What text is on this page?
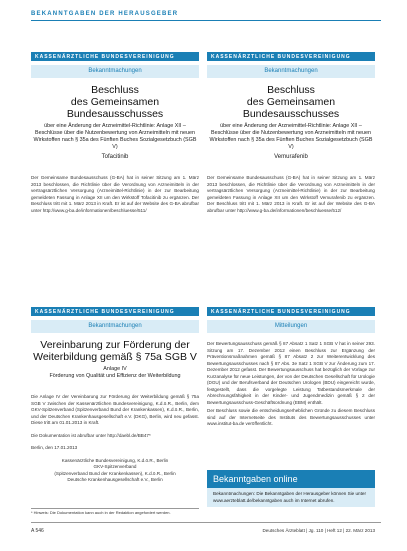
BEKANNTGABEN DER HERAUSGEBER
KASSENÄRZTLICHE BUNDESVEREINIGUNG
Bekanntmachungen
Beschluss
des Gemeinsamen Bundesausschusses
über eine Änderung der Arzneimittel-Richtlinie: Anlage XII – Beschlüsse über die Nutzenbewertung von Arzneimitteln mit neuen Wirkstoffen nach § 35a des Fünften Buches Sozialgesetzbuch (SGB V)
Tofacitinib
Der Gemeinsame Bundesausschuss (G-BA) hat in seiner Sitzung am 1. März 2013 beschlossen, die Richtlinie über die Verordnung von Arzneimitteln in der vertragsärztlichen Versorgung (Arzneimittel-Richtlinie) in der zur Bearbeitung gemeldeten Fassung in Anlage XII um den Wirkstoff Tofacitinib zu ergänzen. Der Beschluss tritt mit 1. März 2013 in Kraft. Er ist auf der Website des G-BA abrufbar unter http://www.g-ba.de/informationen/beschluesse/511/
KASSENÄRZTLICHE BUNDESVEREINIGUNG
Bekanntmachungen
Beschluss
des Gemeinsamen Bundesausschusses
über eine Änderung der Arzneimittel-Richtlinie: Anlage XII – Beschlüsse über die Nutzenbewertung von Arzneimitteln mit neuen Wirkstoffen nach § 35a des Fünften Buches Sozialgesetzbuch (SGB V)
Vemurafenib
Der Gemeinsame Bundesausschuss (G-BA) hat in seiner Sitzung am 1. März 2013 beschlossen, die Richtlinie über die Verordnung von Arzneimitteln in der vertragsärztlichen Versorgung (Arzneimittel-Richtlinie) in der zur Bearbeitung gemeldeten Fassung in Anlage XII um den Wirkstoff Vemurafenib zu ergänzen. Der Beschluss tritt mit 1. März 2013 in Kraft. Er ist auf der Website des G-BA abrufbar unter http://www.g-ba.de/informationen/beschluesse/512/
KASSENÄRZTLICHE BUNDESVEREINIGUNG
Bekanntmachungen
Vereinbarung zur Förderung der
Weiterbildung gemäß § 75a SGB V
Anlage IV
Förderung von Qualität und Effizienz der Weiterbildung
Die Anlage IV der Vereinbarung zur Förderung der Weiterbildung gemäß § 75a SGB V zwischen der Kassenärztlichen Bundesvereinigung, K.d.ö.R., Berlin, dem GKV-Spitzenverband (Spitzenverband Bund der Krankenkassen), K.d.ö.R., Berlin, und der Deutschen Krankenhausgesellschaft e.V. (DKG), Berlin, wird neu gefasst. Diese tritt am 01.01.2013 in Kraft.
Die Dokumentation ist abrufbar unter http://daebl.de/BB47*
Berlin, den 17.01.2013
Kassenärztliche Bundesvereinigung, K.d.ö.R., Berlin
GKV-Spitzenverband
(Spitzenverband Bund der Krankenkassen), K.d.ö.R., Berlin
Deutsche Krankenhausgesellschaft e.V., Berlin
* Hinweis: Die Dokumentation kann auch in der Redaktion angefordert werden.
KASSENÄRZTLICHE BUNDESVEREINIGUNG
Mitteilungen
Der Bewertungsausschuss gemäß § 87 Absatz 1 Satz 1 SGB V hat in seiner 293. Sitzung am 17. Dezember 2012 einen Beschluss zur Ergänzung der Präventionsmaßnahmen gemäß § 87 Absatz 2 zur Weiterentwicklung des Bewertungsausschusses nach § 87 Abs. 3e Satz 1 SGB V zur Änderung zum 17. Dezember 2012 gefasst. Der Bewertungsausschuss hat bezüglich der Vorlage zur Kurzanalyse für neue Leistungen, der von der Deutschen Gesellschaft für Urologie (DGU) und der Berufsverband der Deutschen Urologen (BDU) eingereicht wurde, festgestellt, dass die vorgelegte Leistung Tatbestandsmerkmale der Abrechnungsfähigkeit in der Kinder- und Jugendmedizin gemäß § 2 der Bewertungsausschuss-Geschäftsordnung (EBM) enthält.
Der Beschluss sowie die entscheidungserheblichen Gründe zu diesem Beschluss sind auf der Internetseite des Instituts des Bewertungsausschusses unter www.institut-ba.de veröffentlicht.
Bekanntgaben online
Bekanntmachungen: Die Bekanntgaben der Herausgeber können Sie unter www.aerzteblatt.de/bekanntgaben auch im Internet abrufen.
A 546	Deutsches Ärzteblatt | Jg. 110 | Heft 12 | 22. März 2013
